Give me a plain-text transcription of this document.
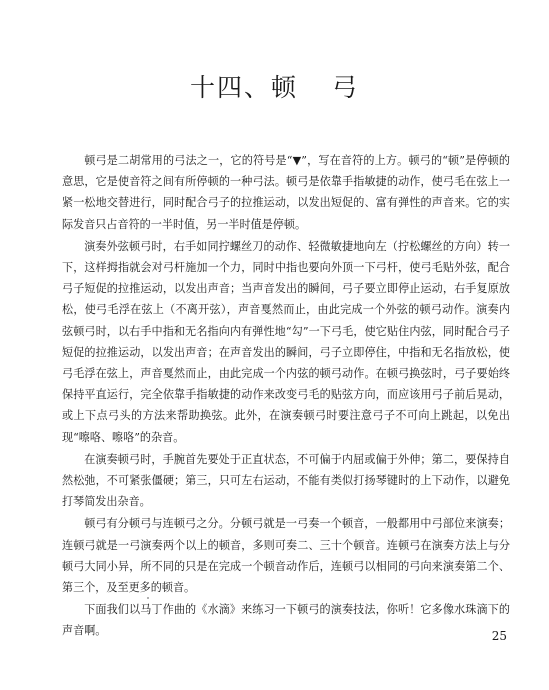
十四、顿 弓

顿弓是二胡常用的弓法之一，它的符号是“▼”，写在音符的上方。顿弓的“顿”是停顿的意思，它是使音符之间有所停顿的一种弓法。顿弓是依靠手指敏捷的动作，使弓毛在弦上一紧一松地交替进行，同时配合弓子的拉推运动，以发出短促的、富有弹性的声音来。它的实际发音只占音符的一半时值，另一半时值是停顿。

演奏外弦顿弓时，右手如同拧螺丝刀的动作、轻微敏捷地向左（拧松螺丝的方向）转一下，这样拇指就会对弓杆施加一个力，同时中指也要向外顶一下弓杆，使弓毛贴外弦，配合弓子短促的拉推运动，以发出声音；当声音发出的瞬间，弓子要立即停止运动，右手复原放松，使弓毛浮在弦上（不离开弦），声音戛然而止，由此完成一个外弦的顿弓动作。演奏内弦顿弓时，以右手中指和无名指向内有弹性地“勾”一下弓毛，使它贴住内弦，同时配合弓子短促的拉推运动，以发出声音；在声音发出的瞬间，弓子立即停住，中指和无名指放松，使弓毛浮在弦上，声音戛然而止，由此完成一个内弦的顿弓动作。在顿弓换弦时，弓子要始终保持平直运行，完全依靠手指敏捷的动作来改变弓毛的贴弦方向，而应该用弓子前后晃动，或上下点弓头的方法来帮助换弦。此外，在演奏顿弓时要注意弓子不可向上跳起，以免出现“嚓咯、嚓咯”的杂音。

在演奏顿弓时，手腕首先要处于正直状态，不可偏于内屈或偏于外伸；第二，要保持自然松弛，不可紧张僵硬；第三，只可左右运动，不能有类似打扬琴键时的上下动作，以避免打琴简发出杂音。

顿弓有分顿弓与连顿弓之分。分顿弓就是一弓奏一个顿音，一般都用中弓部位来演奏；连顿弓就是一弓演奏两个以上的顿音，多则可奏二、三十个顿音。连顿弓在演奏方法上与分顿弓大同小异，所不同的只是在完成一个顿音动作后，连顿弓以相同的弓向来演奏第二个、第三个，及至更多的顿音。

下面我们以马丁作曲的《水滴》来练习一下顿弓的演奏技法，你听！它多像水珠滴下的声音啊。	25
